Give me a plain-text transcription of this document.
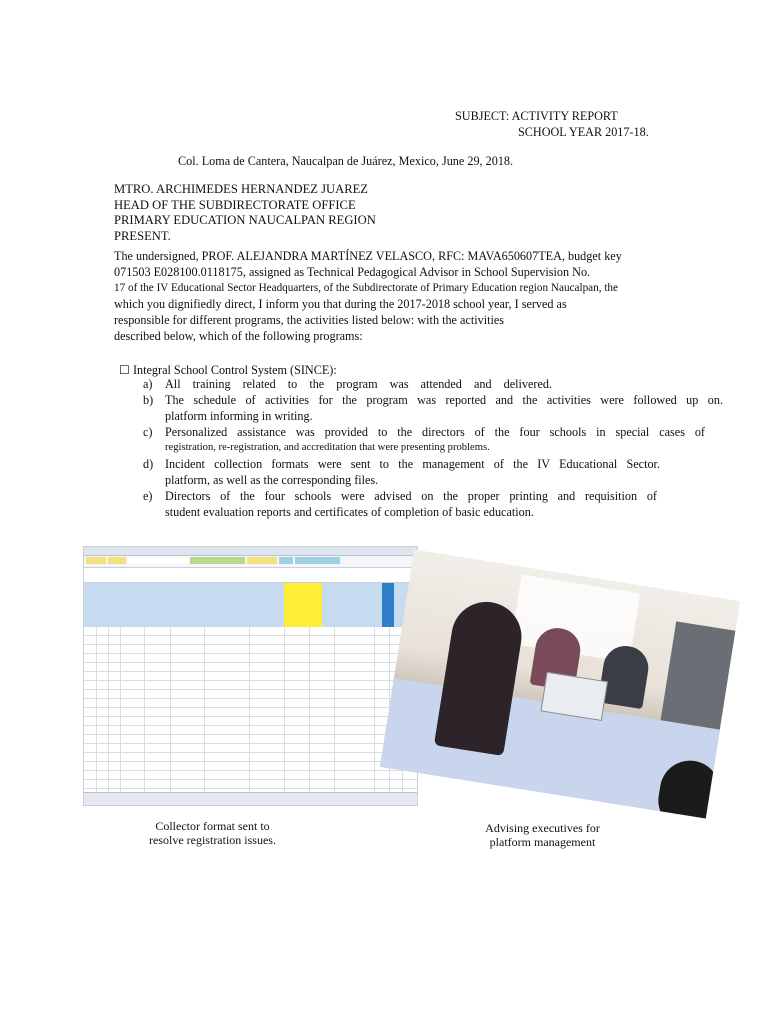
SUBJECT: ACTIVITY REPORT
SCHOOL YEAR 2017-18.
Col. Loma de Cantera, Naucalpan de Juárez, Mexico, June 29, 2018.
MTRO. ARCHIMEDES HERNANDEZ JUAREZ
HEAD OF THE SUBDIRECTORATE OFFICE
PRIMARY EDUCATION NAUCALPAN REGION
PRESENT.
The undersigned, PROF. ALEJANDRA MARTÍNEZ VELASCO, RFC: MAVA650607TEA, budget key
071503 E028100.0118175, assigned as Technical Pedagogical Advisor in School Supervision No.
17 of the IV Educational Sector Headquarters, of the Subdirectorate of Primary Education region Naucalpan, the
which you dignifiedly direct, I inform you that during the 2017-2018 school year, I served as
responsible for different programs, the activities listed below: with the activities
described below, which of the following programs:
☐ Integral School Control System (SINCE):
a)	All training related to the program was attended and delivered.
b) The schedule of activities for the program was reported and the activities were followed up on.
platform informing in writing.
c)	Personalized assistance was provided to the directors of the four schools in special cases of
registration, re-registration, and accreditation that were presenting problems.
d) Incident collection formats were sent to the management of the IV Educational Sector.
platform, as well as the corresponding files.
e)	Directors of the four schools were advised on the proper printing and requisition of
student evaluation reports and certificates of completion of basic education.
Collector format sent to
resolve registration issues.
Advising executives for
platform management
